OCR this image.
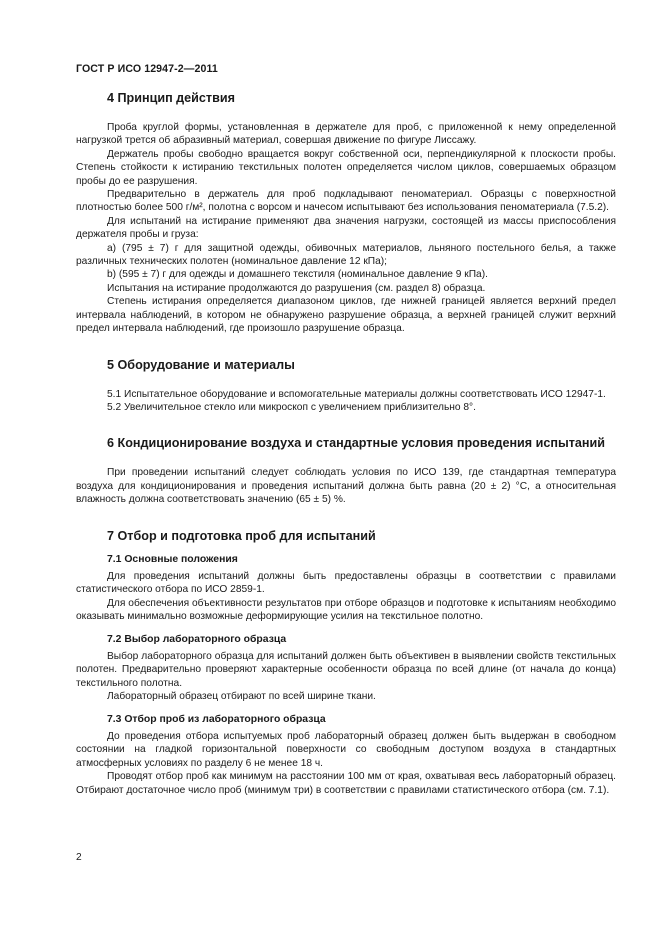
ГОСТ Р ИСО 12947-2—2011
4 Принцип действия

Проба круглой формы, установленная в держателе для проб, с приложенной к нему определенной нагрузкой трется об абразивный материал, совершая движение по фигуре Лиссажу.

Держатель пробы свободно вращается вокруг собственной оси, перпендикулярной к плоскости пробы. Степень стойкости к истиранию текстильных полотен определяется числом циклов, совершаемых образцом пробы до ее разрушения.

Предварительно в держатель для проб подкладывают пеноматериал. Образцы с поверхностной плотностью более 500 г/м², полотна с ворсом и начесом испытывают без использования пеноматериала (7.5.2).

Для испытаний на истирание применяют два значения нагрузки, состоящей из массы приспособления держателя пробы и груза:

a) (795 ± 7) г для защитной одежды, обивочных материалов, льняного постельного белья, а также различных технических полотен (номинальное давление 12 кПа);

b) (595 ± 7) г для одежды и домашнего текстиля (номинальное давление 9 кПа).

Испытания на истирание продолжаются до разрушения (см. раздел 8) образца.

Степень истирания определяется диапазоном циклов, где нижней границей является верхний предел интервала наблюдений, в котором не обнаружено разрушение образца, а верхней границей служит верхний предел интервала наблюдений, где произошло разрушение образца.

5 Оборудование и материалы

5.1 Испытательное оборудование и вспомогательные материалы должны соответствовать ИСО 12947-1.

5.2 Увеличительное стекло или микроскоп с увеличением приблизительно 8°.

6 Кондиционирование воздуха и стандартные условия проведения испытаний

При проведении испытаний следует соблюдать условия по ИСО 139, где стандартная температура воздуха для кондиционирования и проведения испытаний должна быть равна (20 ± 2) °С, а относительная влажность должна соответствовать значению (65 ± 5) %.

7 Отбор и подготовка проб для испытаний
7.1 Основные положения

Для проведения испытаний должны быть предоставлены образцы в соответствии с правилами статистического отбора по ИСО 2859-1.

Для обеспечения объективности результатов при отборе образцов и подготовке к испытаниям необходимо оказывать минимально возможные деформирующие усилия на текстильное полотно.

7.2 Выбор лабораторного образца

Выбор лабораторного образца для испытаний должен быть объективен в выявлении свойств текстильных полотен. Предварительно проверяют характерные особенности образца по всей длине (от начала до конца) текстильного полотна.

Лабораторный образец отбирают по всей ширине ткани.

7.3 Отбор проб из лабораторного образца

До проведения отбора испытуемых проб лабораторный образец должен быть выдержан в свободном состоянии на гладкой горизонтальной поверхности со свободным доступом воздуха в стандартных атмосферных условиях по разделу 6 не менее 18 ч.

Проводят отбор проб как минимум на расстоянии 100 мм от края, охватывая весь лабораторный образец. Отбирают достаточное число проб (минимум три) в соответствии с правилами статистического отбора (см. 7.1).

2
